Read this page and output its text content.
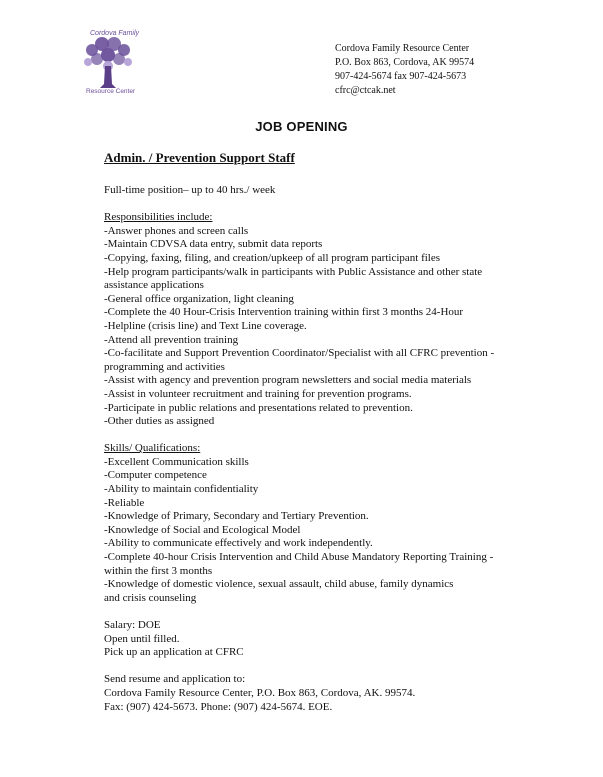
Cordova Family
Resource Center
Cordova Family Resource Center
P.O. Box 863, Cordova, AK 99574
907-424-5674 fax 907-424-5673
cfrc@ctcak.net
JOB OPENING
Admin. / Prevention Support Staff
Full-time position– up to 40 hrs./ week
Responsibilities include:
-Answer phones and screen calls
-Maintain CDVSA data entry, submit data reports
-Copying, faxing, filing, and creation/upkeep of all program participant files
-Help program participants/walk in participants with Public Assistance and other state
assistance applications
-General office organization, light cleaning
-Complete the 40 Hour-Crisis Intervention training within first 3 months 24-Hour
-Helpline (crisis line) and Text Line coverage.
-Attend all prevention training
-Co-facilitate and Support Prevention Coordinator/Specialist with all CFRC prevention -
programming and activities
-Assist with agency and prevention program newsletters and social media materials
-Assist in volunteer recruitment and training for prevention programs.
-Participate in public relations and presentations related to prevention.
-Other duties as assigned
Skills/ Qualifications:
-Excellent Communication skills
-Computer competence
-Ability to maintain confidentiality
-Reliable
-Knowledge of Primary, Secondary and Tertiary Prevention.
-Knowledge of Social and Ecological Model
-Ability to communicate effectively and work independently.
-Complete 40-hour Crisis Intervention and Child Abuse Mandatory Reporting Training -
within the first 3 months
-Knowledge of domestic violence, sexual assault, child abuse, family dynamics
and crisis counseling
Salary: DOE
Open until filled.
Pick up an application at CFRC
Send resume and application to:
Cordova Family Resource Center, P.O. Box 863, Cordova, AK. 99574.
Fax: (907) 424-5673. Phone: (907) 424-5674. EOE.
